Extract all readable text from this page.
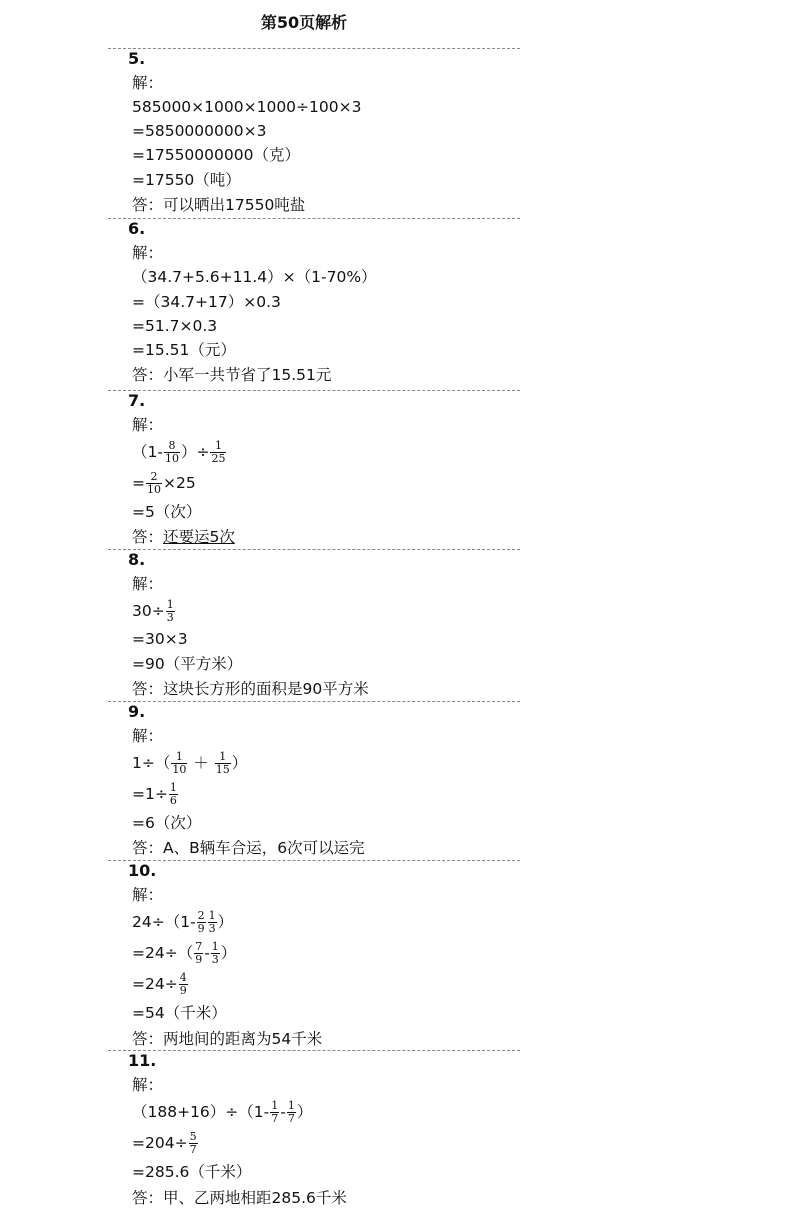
第50页解析
5.
解：
585000×1000×1000÷100×3
=5850000000×3
=17550000000（克）
=17550（吨）
答：可以晒出17550吨盐
6.
解：
（34.7+5.6+11.4）×（1-70%）
=（34.7+17）×0.3
=51.7×0.3
=15.51（元）
答：小军一共节省了15.51元
7.
解：
（$1- \frac{8}{10}$ ）÷ $\frac{1}{25}$
= $\frac{2}{10} \times 25$
=5（次）
答：还要运5次
8.
解：
$30\div \frac{1}{3}$
=30×3
=90（平方米）
答：这块长方形的面积是90平方米
9.
解：
$1\div( \frac{1}{10} + \frac{1}{15}$ ）
$=1\div \frac{1}{6}$
=6（次）
答：A、B辆车合运，6次可以运完
10.
解：
$24\div(1- \frac{2}{9} \frac{1}{3}$ ）
$=24\div( \frac{7}{9} - \frac{1}{3}$ ）
$=24\div \frac{4}{9}$
=54（千米）
答：两地间的距离为54千米
11.
解：
$(188+16)\div(1- \frac{1}{7} - \frac{1}{7}$ ）
$=204\div \frac{5}{7}$
=285.6（千米）
答：甲、乙两地相距285.6千米
